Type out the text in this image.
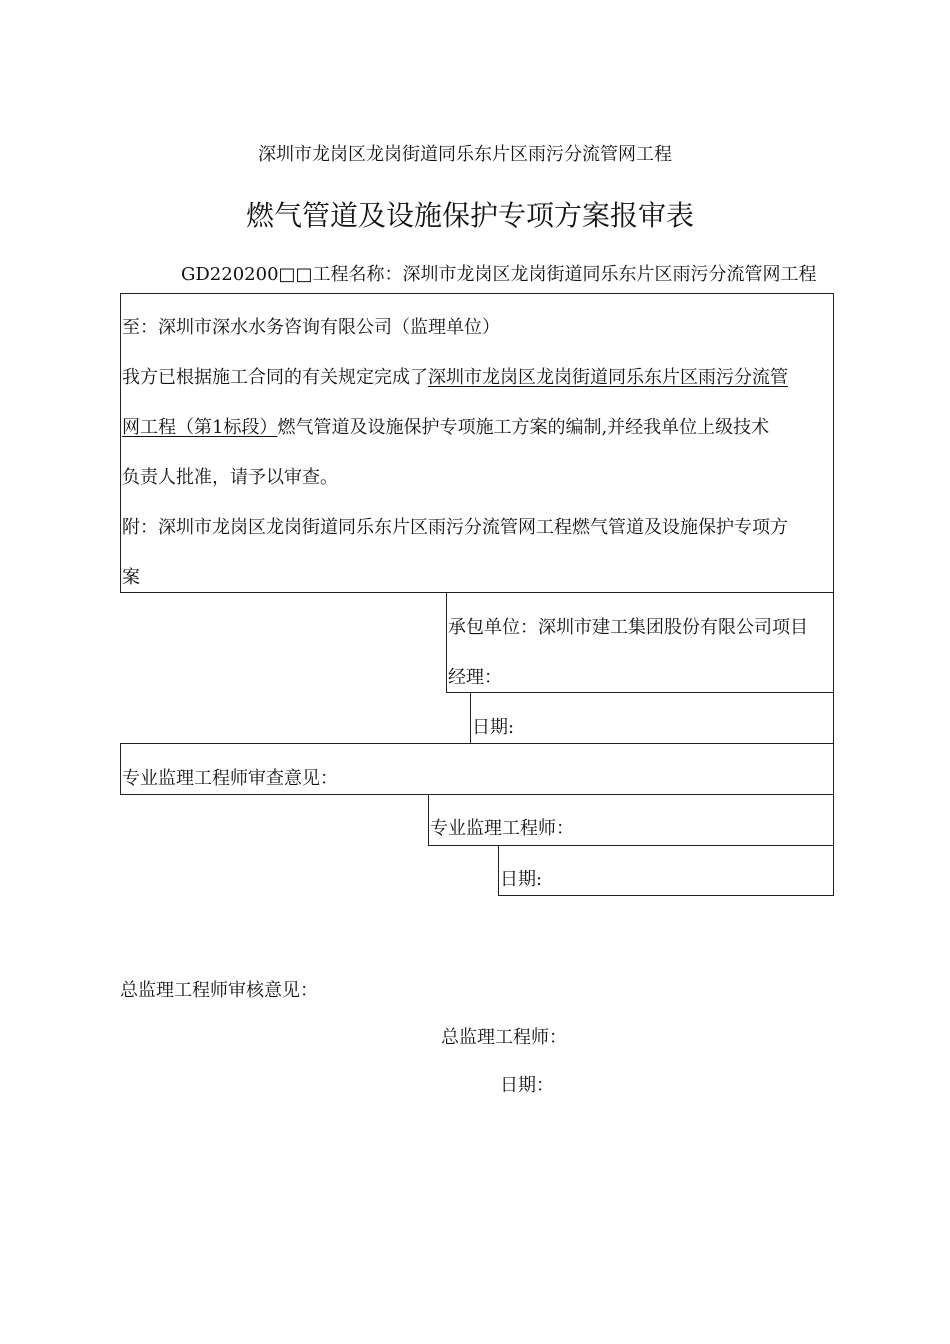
深圳市龙岗区龙岗街道同乐东片区雨污分流管网工程
燃气管道及设施保护专项方案报审表
GD220200□□工程名称：深圳市龙岗区龙岗街道同乐东片区雨污分流管网工程
至：深圳市深水水务咨询有限公司（监理单位）
我方已根据施工合同的有关规定完成了深圳市龙岗区龙岗街道同乐东片区雨污分流管
网工程（第1标段）燃气管道及设施保护专项施工方案的编制,并经我单位上级技术
负责人批准，请予以审查。
附：深圳市龙岗区龙岗街道同乐东片区雨污分流管网工程燃气管道及设施保护专项方
案
承包单位：深圳市建工集团股份有限公司项目
经理：
日期:
专业监理工程师审查意见：
专业监理工程师：
日期:
总监理工程师审核意见：
总监理工程师：
日期：
